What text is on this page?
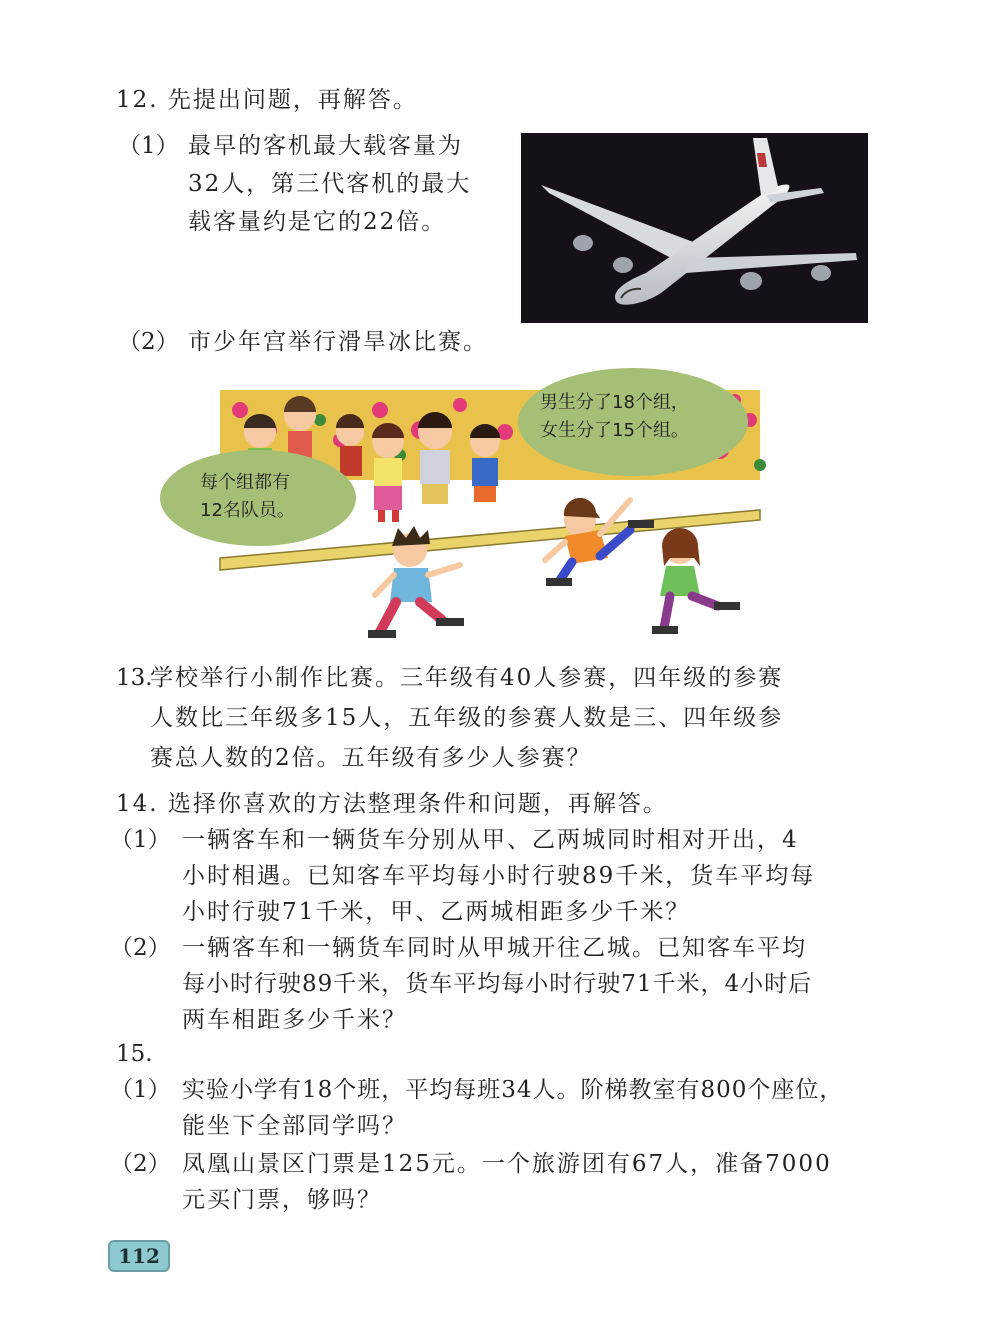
12. 先提出问题，再解答。
（1） 最早的客机最大载客量为
32人，第三代客机的最大
载客量约是它的22倍。
（2） 市少年宫举行滑旱冰比赛。
男生分了18个组，
女生分了15个组。
每个组都有
12名队员。
13.
学校举行小制作比赛。三年级有40人参赛，四年级的参赛
人数比三年级多15人，五年级的参赛人数是三、四年级参
赛总人数的2倍。五年级有多少人参赛？
14. 选择你喜欢的方法整理条件和问题，再解答。
（1） 一辆客车和一辆货车分别从甲、乙两城同时相对开出，4
小时相遇。已知客车平均每小时行驶89千米，货车平均每
小时行驶71千米，甲、乙两城相距多少千米？
（2） 一辆客车和一辆货车同时从甲城开往乙城。已知客车平均
每小时行驶89千米，货车平均每小时行驶71千米，4小时后
两车相距多少千米？
15.
（1） 实验小学有18个班，平均每班34人。阶梯教室有800个座位，
能坐下全部同学吗？
（2） 凤凰山景区门票是125元。一个旅游团有67人，准备7000
元买门票，够吗？
112
